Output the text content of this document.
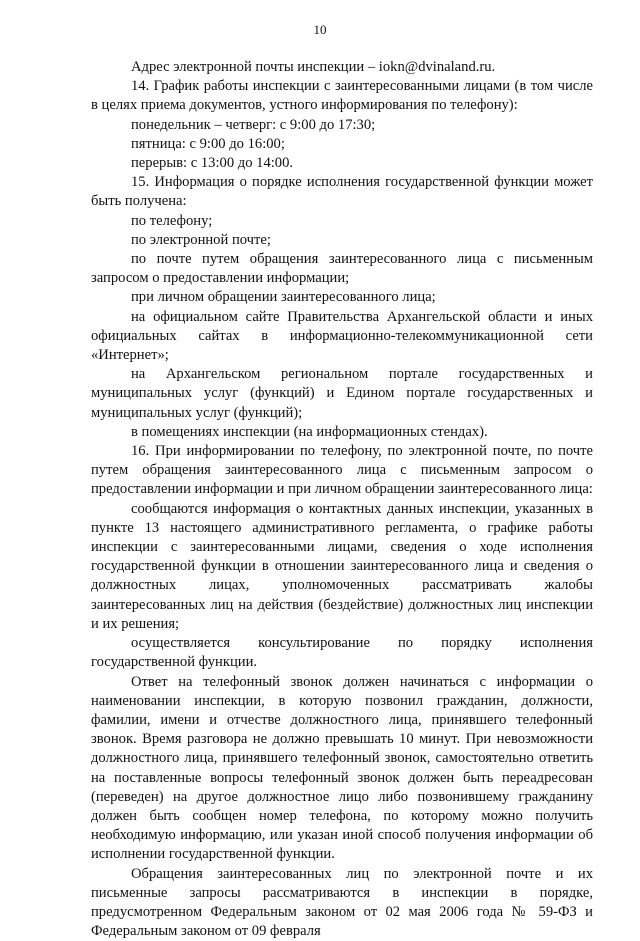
10

Адрес электронной почты инспекции – iokn@dvinaland.ru.

14. График работы инспекции с заинтересованными лицами (в том числе в целях приема документов, устного информирования по телефону):

понедельник – четверг: с 9:00 до 17:30;

пятница: с 9:00 до 16:00;

перерыв: с 13:00 до 14:00.

15. Информация о порядке исполнения государственной функции может быть получена:

по телефону;

по электронной почте;

по почте путем обращения заинтересованного лица с письменным запросом о предоставлении информации;

при личном обращении заинтересованного лица;

на официальном сайте Правительства Архангельской области и иных официальных сайтах в информационно-телекоммуникационной сети «Интернет»;

на Архангельском региональном портале государственных и муниципальных услуг (функций) и Едином портале государственных и муниципальных услуг (функций);

в помещениях инспекции (на информационных стендах).

16. При информировании по телефону, по электронной почте, по почте путем обращения заинтересованного лица с письменным запросом о предоставлении информации и при личном обращении заинтересованного лица:

сообщаются информация о контактных данных инспекции, указанных в пункте 13 настоящего административного регламента, о графике работы инспекции с заинтересованными лицами, сведения о ходе исполнения государственной функции в отношении заинтересованного лица и сведения о должностных лицах, уполномоченных рассматривать жалобы заинтересованных лиц на действия (бездействие) должностных лиц инспекции и их решения;

осуществляется консультирование по порядку исполнения государственной функции.

Ответ на телефонный звонок должен начинаться с информации о наименовании инспекции, в которую позвонил гражданин, должности, фамилии, имени и отчестве должностного лица, принявшего телефонный звонок. Время разговора не должно превышать 10 минут. При невозможности должностного лица, принявшего телефонный звонок, самостоятельно ответить на поставленные вопросы телефонный звонок должен быть переадресован (переведен) на другое должностное лицо либо позвонившему гражданину должен быть сообщен номер телефона, по которому можно получить необходимую информацию, или указан иной способ получения информации об исполнении государственной функции.

Обращения заинтересованных лиц по электронной почте и их письменные запросы рассматриваются в инспекции в порядке, предусмотренном Федеральным законом от 02 мая 2006 года № 59-ФЗ и Федеральным законом от 09 февраля
